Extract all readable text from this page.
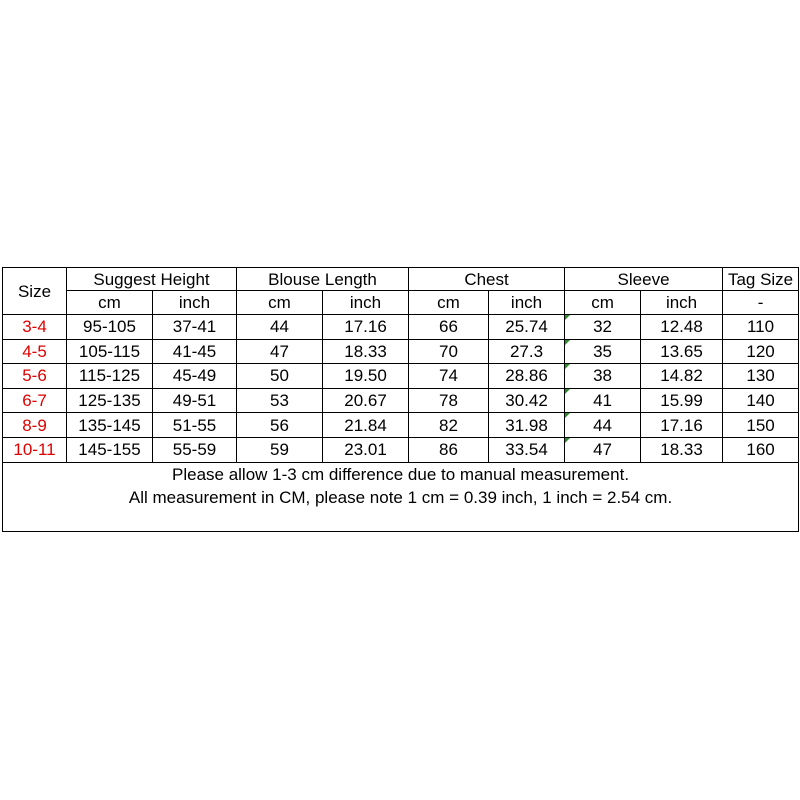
Size	Suggest Height		Blouse Length		Chest		Sleeve		Tag Size
	cm	inch	cm	inch	cm	inch	cm	inch	-
3-4	95-105	37-41	44	17.16	66	25.74	32	12.48	110
4-5	105-115	41-45	47	18.33	70	27.3	35	13.65	120
5-6	115-125	45-49	50	19.50	74	28.86	38	14.82	130
6-7	125-135	49-51	53	20.67	78	30.42	41	15.99	140
8-9	135-145	51-55	56	21.84	82	31.98	44	17.16	150
10-11	145-155	55-59	59	23.01	86	33.54	47	18.33	160

Please allow 1-3 cm difference due to manual measurement.
All measurement in CM, please note 1 cm = 0.39 inch, 1 inch = 2.54 cm.									
